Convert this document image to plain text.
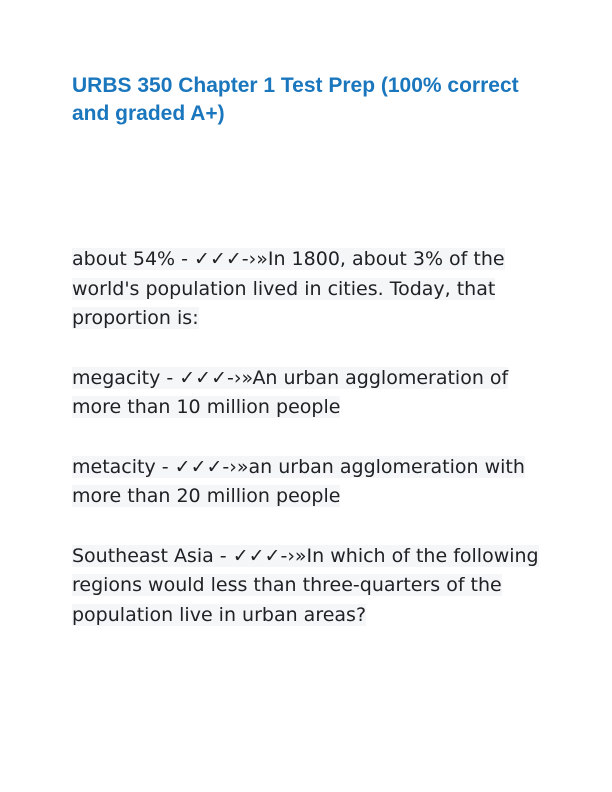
URBS 350 Chapter 1 Test Prep (100% correct and graded A+)

about 54% - ✓✓✓-›»In 1800, about 3% of the world's population lived in cities. Today, that proportion is:

megacity - ✓✓✓-›»An urban agglomeration of more than 10 million people

metacity - ✓✓✓-›»an urban agglomeration with more than 20 million people

Southeast Asia - ✓✓✓-›»In which of the following regions would less than three-quarters of the population live in urban areas?
